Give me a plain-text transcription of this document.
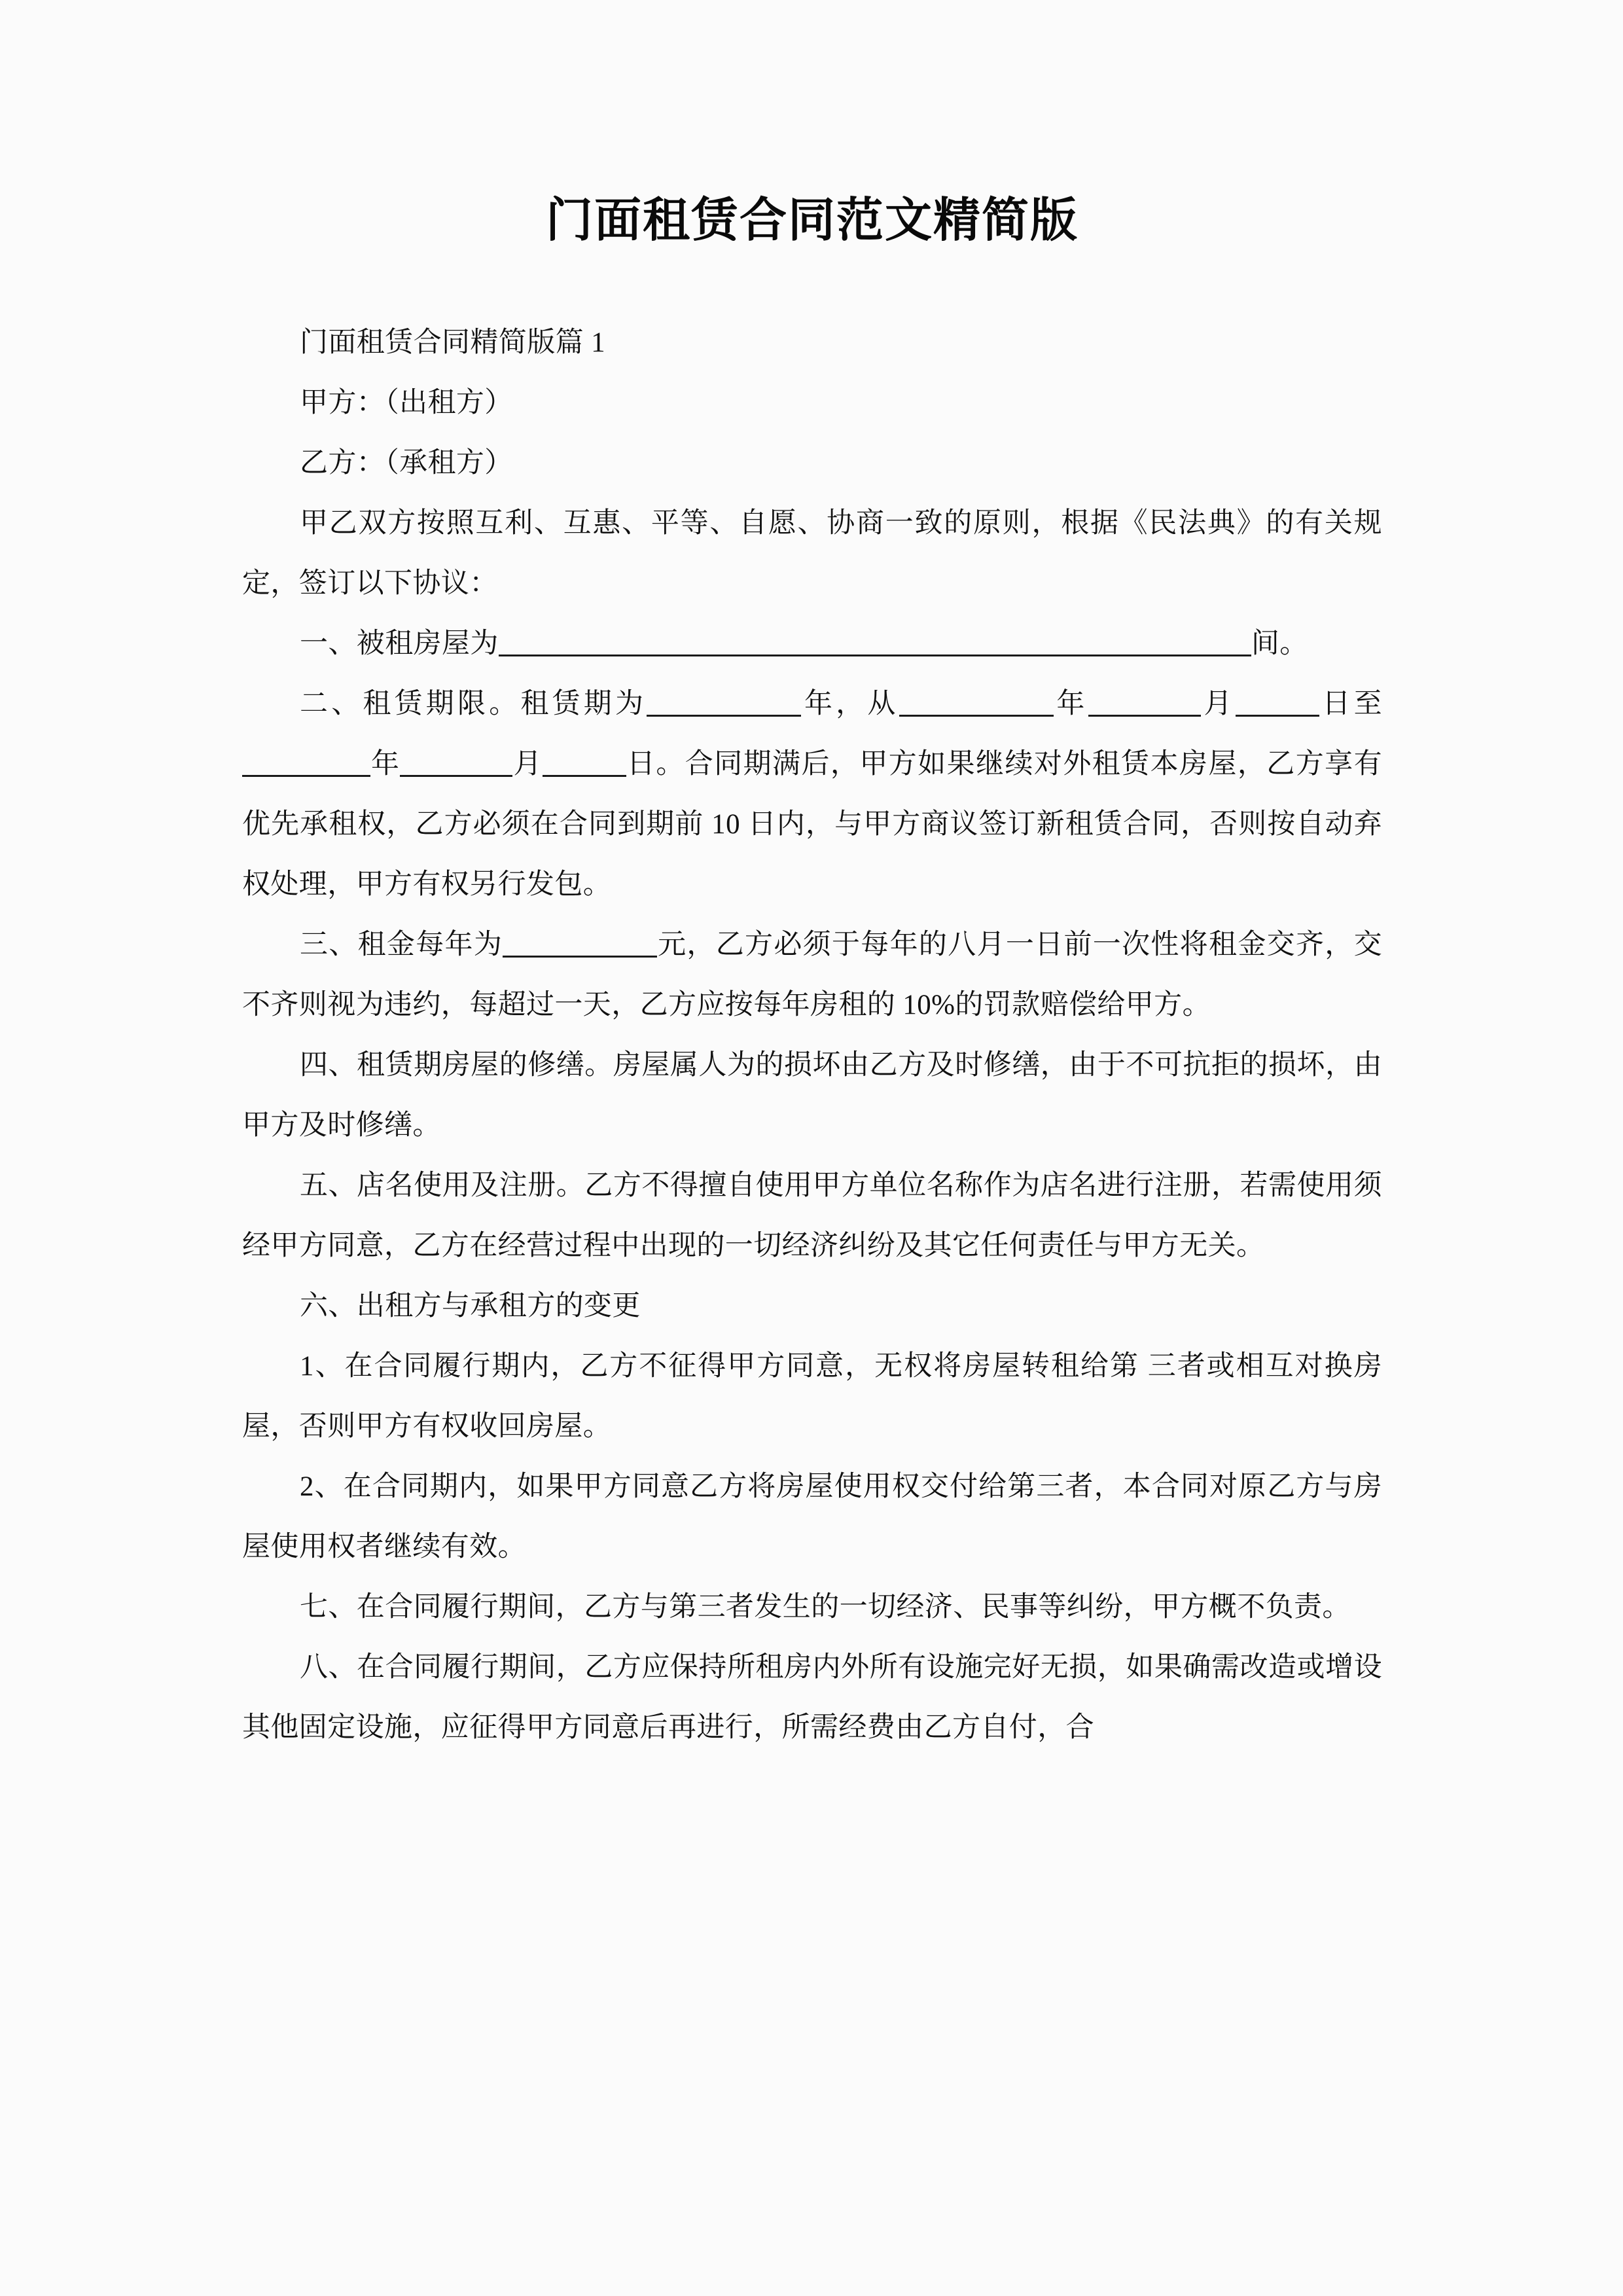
门面租赁合同范文精简版

门面租赁合同精简版篇 1

甲方：（出租方）

乙方：（承租方）

甲乙双方按照互利、互惠、平等、自愿、协商一致的原则，根据《民法典》的有关规定，签订以下协议：

一、被租房屋为	间。

二、租赁期限。租赁期为	年，从	年	月	日至年	月	日。合同期满后，甲方如果继续对外租赁本房屋，乙方享有优先承租权，乙方必须在合同到期前 10 日内，与甲方商议签订新租赁合同，否则按自动弃权处理，甲方有权另行发包。

三、租金每年为	元，乙方必须于每年的八月一日前一次性将租金交齐，交不齐则视为违约，每超过一天，乙方应按每年房租的 10%的罚款赔偿给甲方。

四、租赁期房屋的修缮。房屋属人为的损坏由乙方及时修缮，由于不可抗拒的损坏，由甲方及时修缮。

五、店名使用及注册。乙方不得擅自使用甲方单位名称作为店名进行注册，若需使用须经甲方同意，乙方在经营过程中出现的一切经济纠纷及其它任何责任与甲方无关。

六、出租方与承租方的变更

1、在合同履行期内，乙方不征得甲方同意，无权将房屋转租给第 三者或相互对换房屋，否则甲方有权收回房屋。

2、在合同期内，如果甲方同意乙方将房屋使用权交付给第三者，本合同对原乙方与房屋使用权者继续有效。

七、在合同履行期间，乙方与第三者发生的一切经济、民事等纠纷，甲方概不负责。

八、在合同履行期间，乙方应保持所租房内外所有设施完好无损，如果确需改造或增设其他固定设施，应征得甲方同意后再进行，所需经费由乙方自付，合
